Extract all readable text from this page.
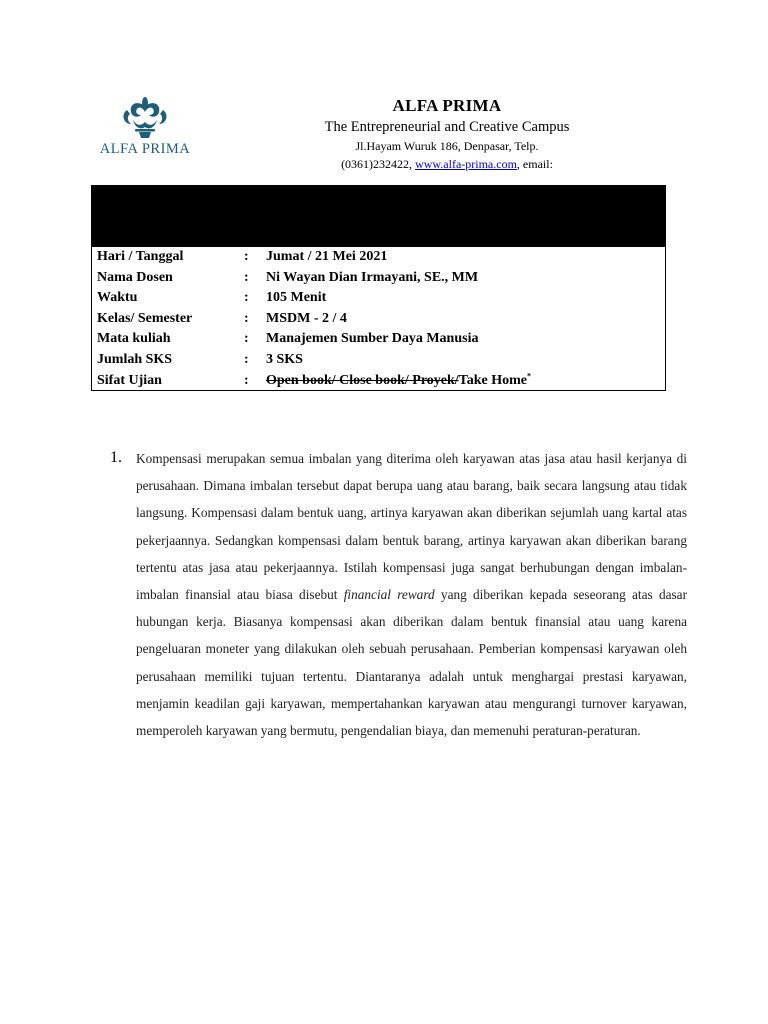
ALFA PRIMA
ALFA PRIMA
The Entrepreneurial and Creative Campus
Jl.Hayam Wuruk 186, Denpasar, Telp.
(0361)232422, www.alfa-prima.com, email:
Hari / Tanggal	: Jumat / 21 Mei 2021
Nama Dosen	: Ni Wayan Dian Irmayani, SE., MM
Waktu	: 105 Menit
Kelas/ Semester	: MSDM - 2 / 4
Mata kuliah	: Manajemen Sumber Daya Manusia
Jumlah SKS	: 3 SKS
Sifat Ujian	: Open book/ Close book/ Proyek/Take Home*
1. Kompensasi merupakan semua imbalan yang diterima oleh karyawan atas jasa atau hasil kerjanya di perusahaan. Dimana imbalan tersebut dapat berupa uang atau barang, baik secara langsung atau tidak langsung. Kompensasi dalam bentuk uang, artinya karyawan akan diberikan sejumlah uang kartal atas pekerjaannya. Sedangkan kompensasi dalam bentuk barang, artinya karyawan akan diberikan barang tertentu atas jasa atau pekerjaannya. Istilah kompensasi juga sangat berhubungan dengan imbalan-imbalan finansial atau biasa disebut financial reward yang diberikan kepada seseorang atas dasar hubungan kerja. Biasanya kompensasi akan diberikan dalam bentuk finansial atau uang karena pengeluaran moneter yang dilakukan oleh sebuah perusahaan. Pemberian kompensasi karyawan oleh perusahaan memiliki tujuan tertentu. Diantaranya adalah untuk menghargai prestasi karyawan, menjamin keadilan gaji karyawan, mempertahankan karyawan atau mengurangi turnover karyawan, memperoleh karyawan yang bermutu, pengendalian biaya, dan memenuhi peraturan-peraturan.
